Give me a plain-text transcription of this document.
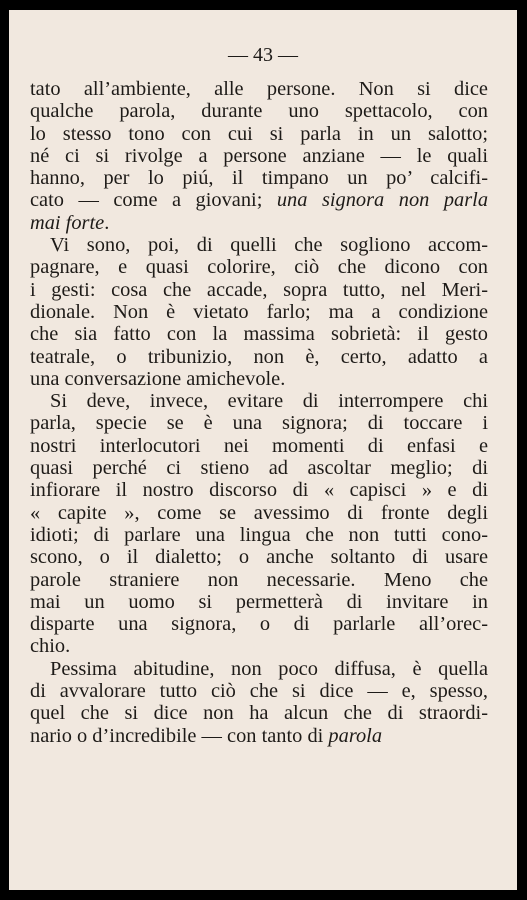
— 43 —
tato all’ambiente, alle persone. Non si dice
qualche parola, durante uno spettacolo, con
lo stesso tono con cui si parla in un salotto;
né ci si rivolge a persone anziane — le quali
hanno, per lo piú, il timpano un po’ calcifi-
cato — come a giovani; una signora non parla
mai forte.
Vi sono, poi, di quelli che sogliono accom-
pagnare, e quasi colorire, ciò che dicono con
i gesti: cosa che accade, sopra tutto, nel Meri-
dionale. Non è vietato farlo; ma a condizione
che sia fatto con la massima sobrietà: il gesto
teatrale, o tribunizio, non è, certo, adatto a
una conversazione amichevole.
Si deve, invece, evitare di interrompere chi
parla, specie se è una signora; di toccare i
nostri interlocutori nei momenti di enfasi e
quasi perché ci stieno ad ascoltar meglio; di
infiorare il nostro discorso di « capisci » e di
« capite », come se avessimo di fronte degli
idioti; di parlare una lingua che non tutti cono-
scono, o il dialetto; o anche soltanto di usare
parole straniere non necessarie. Meno che
mai un uomo si permetterà di invitare in
disparte una signora, o di parlarle all’orec-
chio.
Pessima abitudine, non poco diffusa, è quella
di avvalorare tutto ciò che si dice — e, spesso,
quel che si dice non ha alcun che di straordi-
nario o d’incredibile — con tanto di parola
